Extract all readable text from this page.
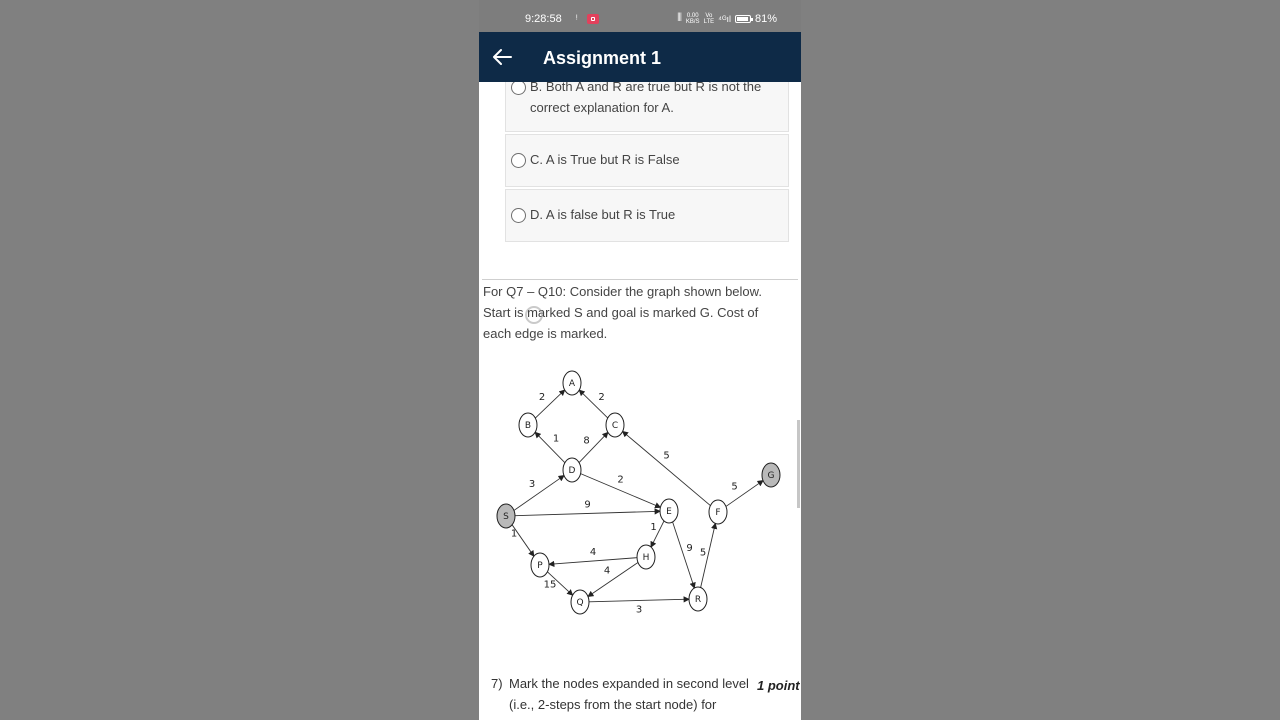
9:28:58 ᵎ	⫴ 0.00
KB/S
Vo
LTE ⁴ᴳıl 81%
Assignment 1
B. Both A and R are true but R is not the correct explanation for A.
C. A is True but R is False
D. A is false but R is True
For Q7 – Q10: Consider the graph shown below. Start is marked S and goal is marked G. Cost of each edge is marked.
2	2
1 8
3	2
9
1
1
4
4
15
3
9 5
5
5
A
B	C
D
S	E	F
G
H
P
Q	R
7) Mark the nodes expanded in second level (i.e., 2-steps from the start node) for
1 point
